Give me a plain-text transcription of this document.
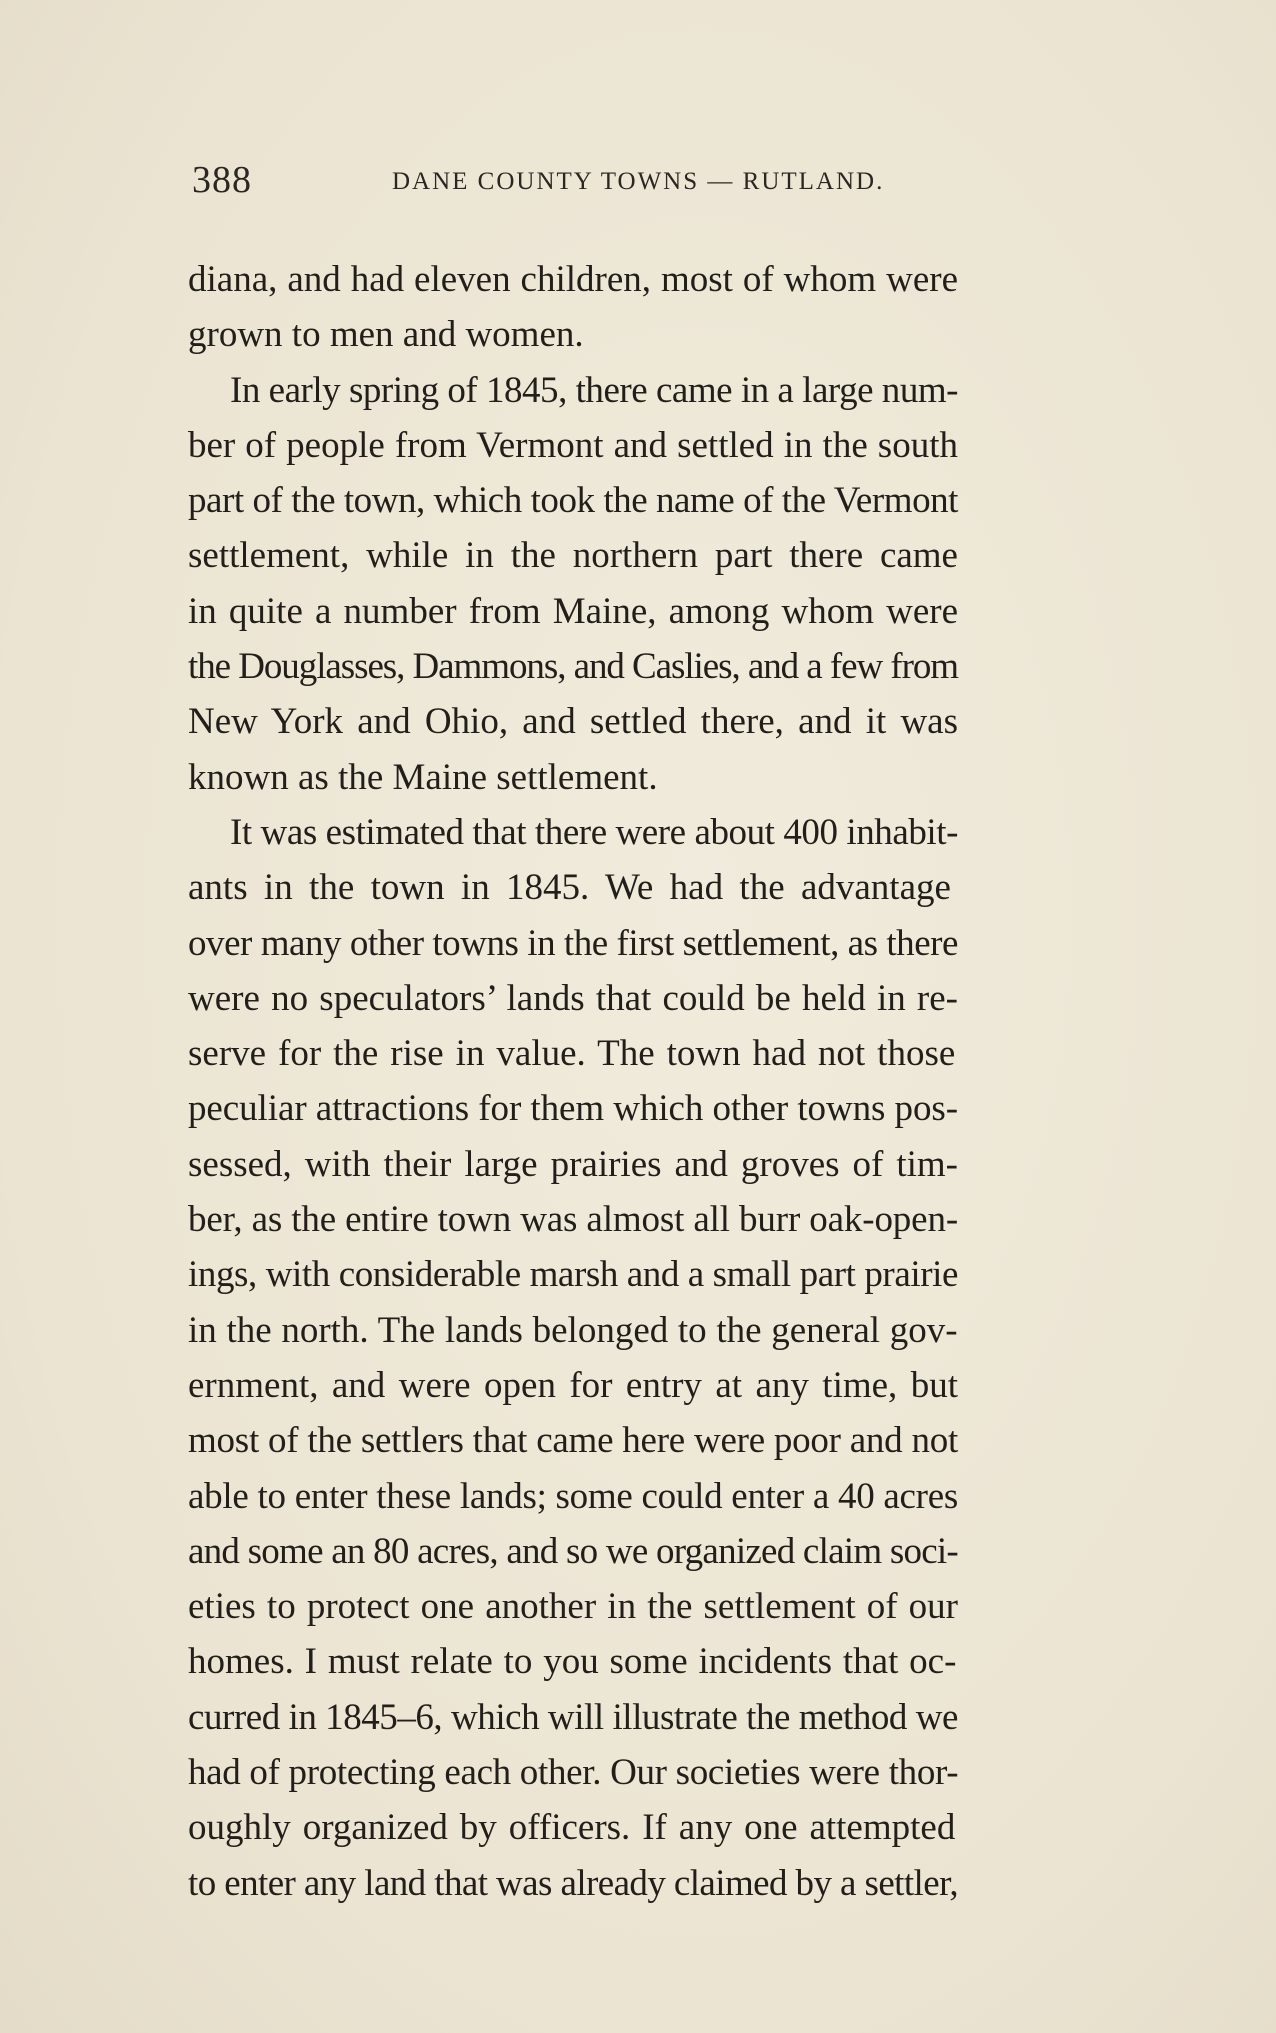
388	DANE COUNTY TOWNS — RUTLAND.
diana, and had eleven children, most of whom were
grown to men and women.
In early spring of 1845, there came in a large num-
ber of people from Vermont and settled in the south
part of the town, which took the name of the Vermont
settlement, while in the northern part there came
in quite a number from Maine, among whom were
the Douglasses, Dammons, and Caslies, and a few from
New York and Ohio, and settled there, and it was
known as the Maine settlement.
It was estimated that there were about 400 inhabit-
ants in the town in 1845. We had the advantage
over many other towns in the first settlement, as there
were no speculators’ lands that could be held in re-
serve for the rise in value. The town had not those
peculiar attractions for them which other towns pos-
sessed, with their large prairies and groves of tim-
ber, as the entire town was almost all burr oak-open-
ings, with considerable marsh and a small part prairie
in the north. The lands belonged to the general gov-
ernment, and were open for entry at any time, but
most of the settlers that came here were poor and not
able to enter these lands; some could enter a 40 acres
and some an 80 acres, and so we organized claim soci-
eties to protect one another in the settlement of our
homes. I must relate to you some incidents that oc-
curred in 1845–6, which will illustrate the method we
had of protecting each other. Our societies were thor-
oughly organized by officers. If any one attempted
to enter any land that was already claimed by a settler,
